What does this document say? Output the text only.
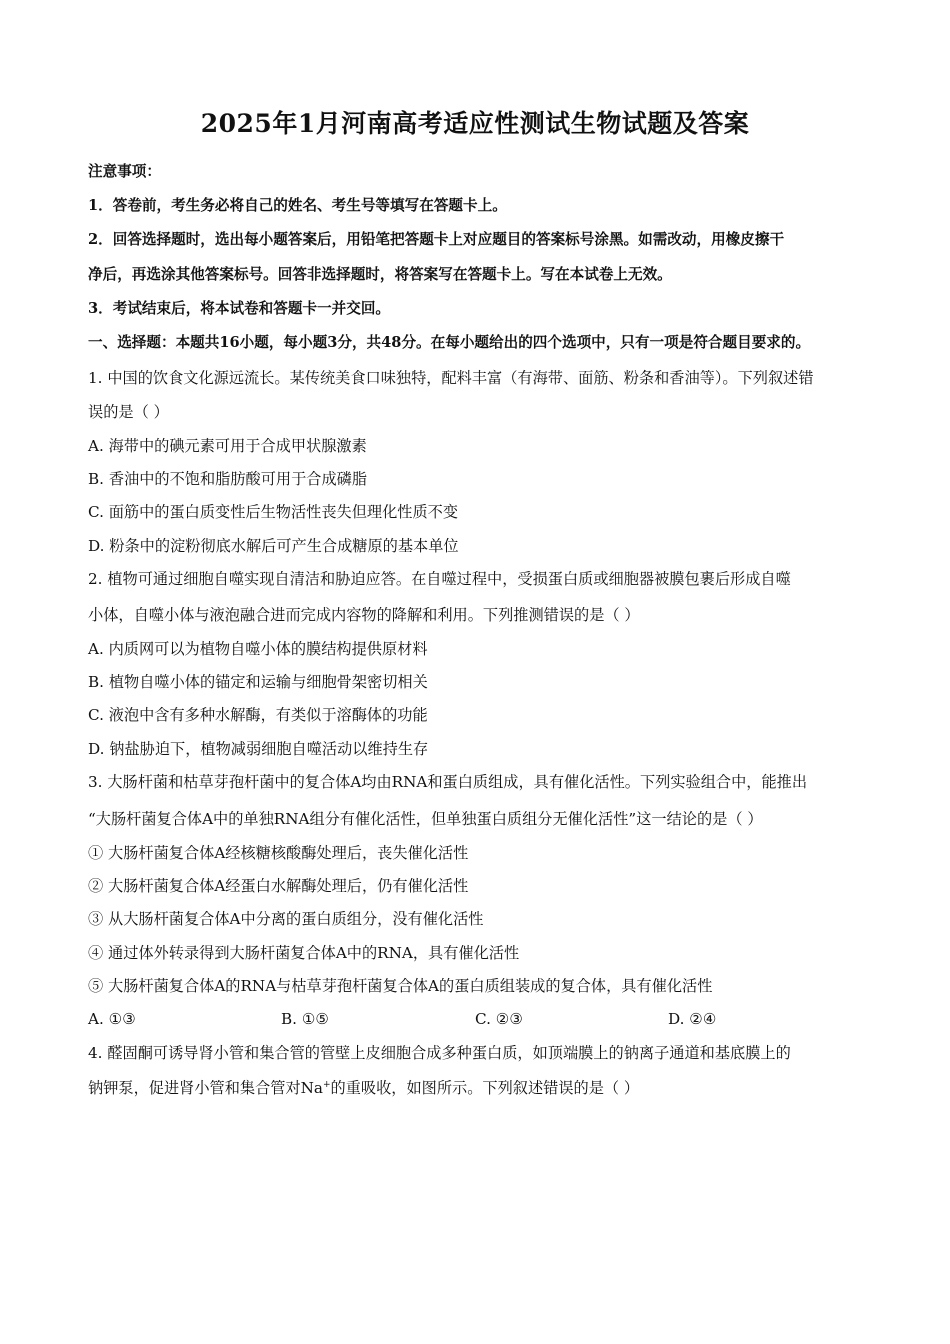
2025年1月河南高考适应性测试生物试题及答案
注意事项：
1．答卷前，考生务必将自己的姓名、考生号等填写在答题卡上。
2．回答选择题时，选出每小题答案后，用铅笔把答题卡上对应题目的答案标号涂黑。如需改动，用橡皮擦干
净后，再选涂其他答案标号。回答非选择题时，将答案写在答题卡上。写在本试卷上无效。
3．考试结束后，将本试卷和答题卡一并交回。
一、选择题：本题共16小题，每小题3分，共48分。在每小题给出的四个选项中，只有一项是符合题目要求的。
1. 中国的饮食文化源远流长。某传统美食口味独特，配料丰富（有海带、面筋、粉条和香油等）。下列叙述错
误的是（ ）
A. 海带中的碘元素可用于合成甲状腺激素
B. 香油中的不饱和脂肪酸可用于合成磷脂
C. 面筋中的蛋白质变性后生物活性丧失但理化性质不变
D. 粉条中的淀粉彻底水解后可产生合成糖原的基本单位
2. 植物可通过细胞自噬实现自清洁和胁迫应答。在自噬过程中，受损蛋白质或细胞器被膜包裹后形成自噬
小体，自噬小体与液泡融合进而完成内容物的降解和利用。下列推测错误的是（ ）
A. 内质网可以为植物自噬小体的膜结构提供原材料
B. 植物自噬小体的锚定和运输与细胞骨架密切相关
C. 液泡中含有多种水解酶，有类似于溶酶体的功能
D. 钠盐胁迫下，植物减弱细胞自噬活动以维持生存
3. 大肠杆菌和枯草芽孢杆菌中的复合体A均由RNA和蛋白质组成，具有催化活性。下列实验组合中，能推出
“大肠杆菌复合体A中的单独RNA组分有催化活性，但单独蛋白质组分无催化活性”这一结论的是（ ）
① 大肠杆菌复合体A经核糖核酸酶处理后，丧失催化活性
② 大肠杆菌复合体A经蛋白水解酶处理后，仍有催化活性
③ 从大肠杆菌复合体A中分离的蛋白质组分，没有催化活性
④ 通过体外转录得到大肠杆菌复合体A中的RNA，具有催化活性
⑤ 大肠杆菌复合体A的RNA与枯草芽孢杆菌复合体A的蛋白质组装成的复合体，具有催化活性
A. ①③	B. ①⑤	C. ②③	D. ②④
4. 醛固酮可诱导肾小管和集合管的管壁上皮细胞合成多种蛋白质，如顶端膜上的钠离子通道和基底膜上的
钠钾泵，促进肾小管和集合管对Na+的重吸收，如图所示。下列叙述错误的是（ ）
